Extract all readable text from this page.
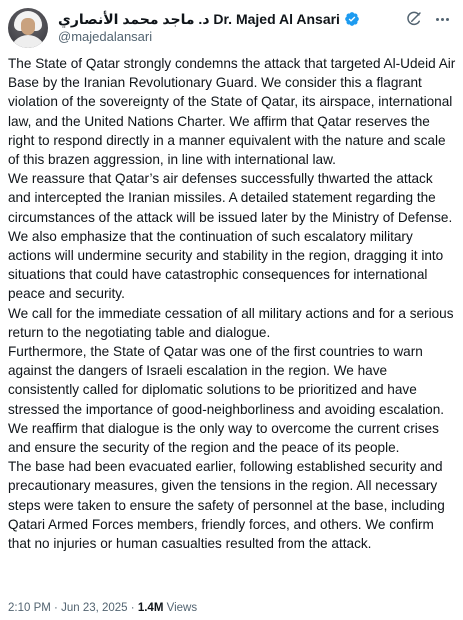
د. ماجد محمد الأنصاري Dr. Majed Al Ansari
@majedalansari

The State of Qatar strongly condemns the attack that targeted Al-Udeid Air Base by the Iranian Revolutionary Guard. We consider this a flagrant violation of the sovereignty of the State of Qatar, its airspace, international law, and the United Nations Charter. We affirm that Qatar reserves the right to respond directly in a manner equivalent with the nature and scale of this brazen aggression, in line with international law.

We reassure that Qatar’s air defenses successfully thwarted the attack and intercepted the Iranian missiles. A detailed statement regarding the circumstances of the attack will be issued later by the Ministry of Defense.

We also emphasize that the continuation of such escalatory military actions will undermine security and stability in the region, dragging it into situations that could have catastrophic consequences for international peace and security.

We call for the immediate cessation of all military actions and for a serious return to the negotiating table and dialogue.

Furthermore, the State of Qatar was one of the first countries to warn against the dangers of Israeli escalation in the region. We have consistently called for diplomatic solutions to be prioritized and have stressed the importance of good-neighborliness and avoiding escalation.

We reaffirm that dialogue is the only way to overcome the current crises and ensure the security of the region and the peace of its people.

The base had been evacuated earlier, following established security and precautionary measures, given the tensions in the region. All necessary steps were taken to ensure the safety of personnel at the base, including Qatari Armed Forces members, friendly forces, and others. We confirm that no injuries or human casualties resulted from the attack.

2:10 PM · Jun 23, 2025 · 1.4M Views
